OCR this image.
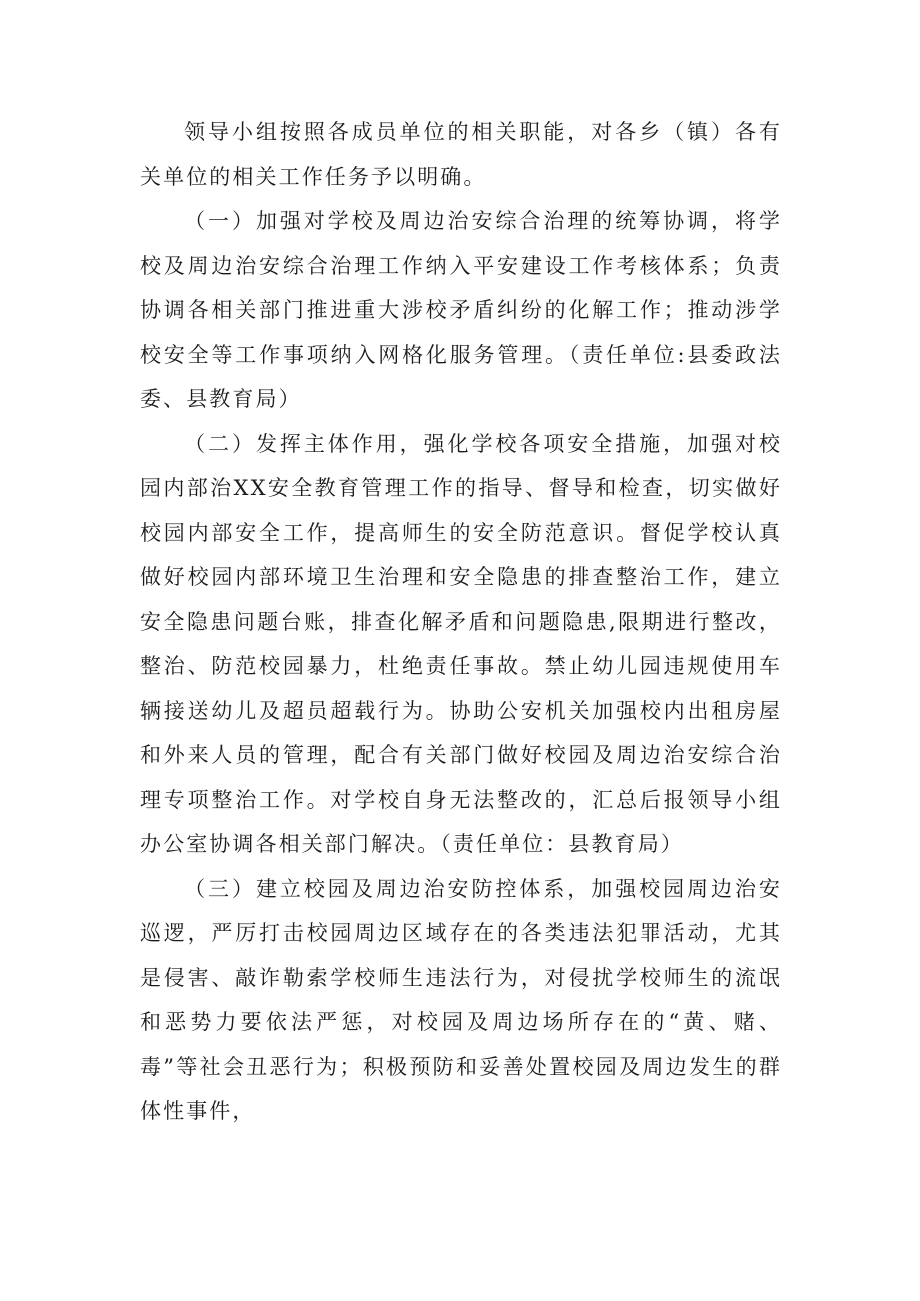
领导小组按照各成员单位的相关职能，对各乡（镇）各有关单位的相关工作任务予以明确。

（一）加强对学校及周边治安综合治理的统筹协调，将学校及周边治安综合治理工作纳入平安建设工作考核体系；负责协调各相关部门推进重大涉校矛盾纠纷的化解工作；推动涉学校安全等工作事项纳入网格化服务管理。（责任单位:县委政法委、县教育局）

（二）发挥主体作用，强化学校各项安全措施，加强对校园内部治XX安全教育管理工作的指导、督导和检查，切实做好校园内部安全工作，提高师生的安全防范意识。督促学校认真做好校园内部环境卫生治理和安全隐患的排查整治工作，建立安全隐患问题台账，排查化解矛盾和问题隐患,限期进行整改，整治、防范校园暴力，杜绝责任事故。禁止幼儿园违规使用车辆接送幼儿及超员超载行为。协助公安机关加强校内出租房屋和外来人员的管理，配合有关部门做好校园及周边治安综合治理专项整治工作。对学校自身无法整改的，汇总后报领导小组办公室协调各相关部门解决。（责任单位：县教育局）

（三）建立校园及周边治安防控体系，加强校园周边治安巡逻，严厉打击校园周边区域存在的各类违法犯罪活动，尤其是侵害、敲诈勒索学校师生违法行为，对侵扰学校师生的流氓和恶势力要依法严惩，对校园及周边场所存在的“黄、赌、毒”等社会丑恶行为；积极预防和妥善处置校园及周边发生的群体性事件，
